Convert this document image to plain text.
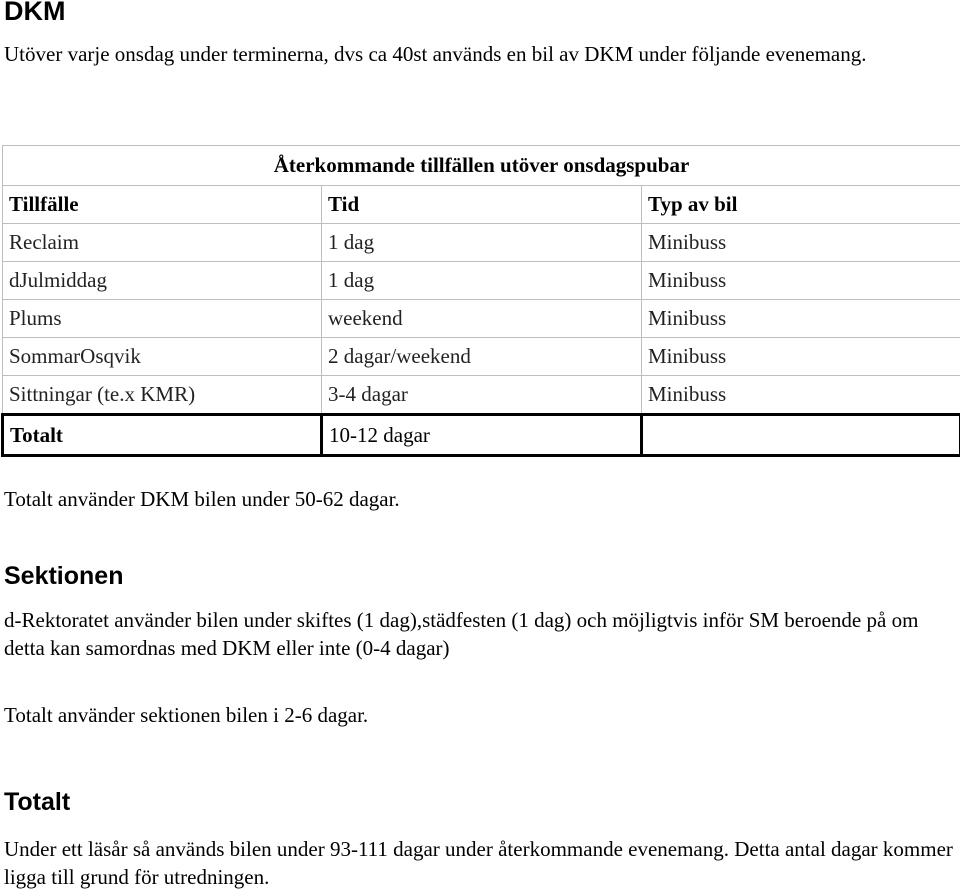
DKM

Utöver varje onsdag under terminerna, dvs ca 40st används en bil av DKM under följande evenemang.

Återkommande tillfällen utöver onsdagspubar		
Tillfälle	Tid	Typ av bil
Reclaim	1 dag	Minibuss
dJulmiddag	1 dag	Minibuss
Plums	weekend	Minibuss
SommarOsqvik	2 dagar/weekend	Minibuss
Sittningar (te.x KMR)	3-4 dagar	Minibuss
Totalt	10-12 dagar	

Totalt använder DKM bilen under 50-62 dagar.

Sektionen

d-Rektoratet använder bilen under skiftes (1 dag),städfesten (1 dag) och möjligtvis inför SM beroende på om detta kan samordnas med DKM eller inte (0-4 dagar)

Totalt använder sektionen bilen i 2-6 dagar.

Totalt

Under ett läsår så används bilen under 93-111 dagar under återkommande evenemang. Detta antal dagar kommer ligga till grund för utredningen.
